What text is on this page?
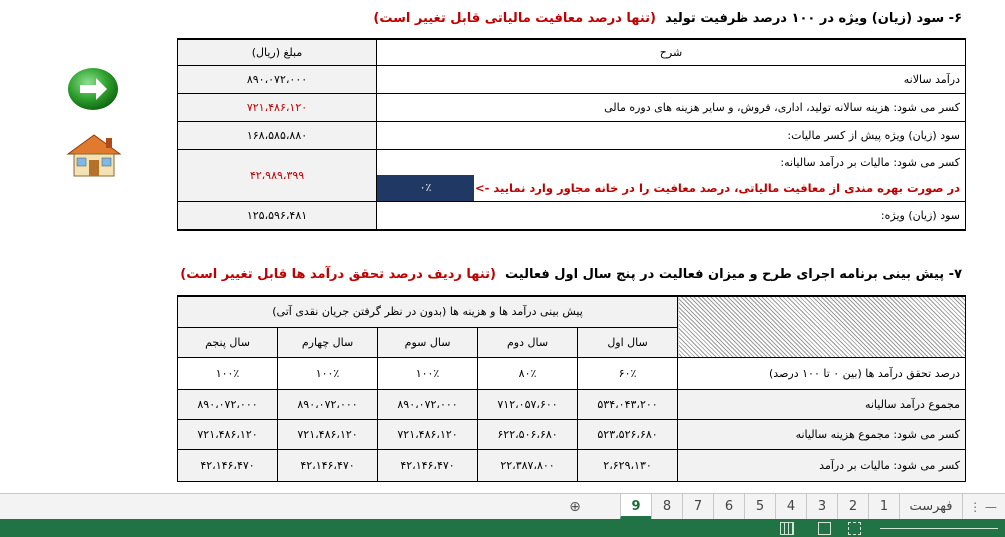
۶- سود (زیان) ویژه در ۱۰۰ درصد ظرفیت تولید  (تنها درصد معافیت مالیاتی قابل تغییر است)
شرح	مبلغ (ریال)
درآمد سالانه	۸۹۰،۰۷۲،۰۰۰
کسر می شود: هزینه سالانه تولید، اداری، فروش، و سایر هزینه های دوره مالی	۷۲۱،۴۸۶،۱۲۰
سود (زیان) ویژه پیش از کسر مالیات:	۱۶۸،۵۸۵،۸۸۰
کسر می شود: مالیات بر درآمد سالیانه:	۴۲،۹۸۹،۳۹۹

در صورت بهره مندی از معافیت مالیاتی، درصد معافیت را در خانه مجاور وارد نمایید ->
۰٪	

سود (زیان) ویژه:	۱۲۵،۵۹۶،۴۸۱
۷- پیش بینی برنامه اجرای طرح و میزان فعالیت در پنج سال اول فعالیت  (تنها ردیف درصد تحقق درآمد ها قابل تغییر است)
	پیش بینی درآمد ها و هزینه ها (بدون در نظر گرفتن جریان نقدی آتی)				
	سال اول	سال دوم	سال سوم	سال چهارم	سال پنجم
درصد تحقق درآمد ها (بین ۰ تا ۱۰۰ درصد)	۶۰٪	۸۰٪	۱۰۰٪	۱۰۰٪	۱۰۰٪
مجموع درآمد سالیانه	۵۳۴،۰۴۳،۲۰۰	۷۱۲،۰۵۷،۶۰۰	۸۹۰،۰۷۲،۰۰۰	۸۹۰،۰۷۲،۰۰۰	۸۹۰،۰۷۲،۰۰۰
کسر می شود: مجموع هزینه سالیانه	۵۲۳،۵۲۶،۶۸۰	۶۲۲،۵۰۶،۶۸۰	۷۲۱،۴۸۶،۱۲۰	۷۲۱،۴۸۶،۱۲۰	۷۲۱،۴۸۶،۱۲۰
کسر می شود: مالیات بر درآمد	۲،۶۲۹،۱۳۰	۲۲،۳۸۷،۸۰۰	۴۲،۱۴۶،۴۷۰	۴۲،۱۴۶،۴۷۰	۴۲،۱۴۶،۴۷۰
⊕	9	8	7	6	5	4	3	2	1	فهرست	⋮ —
